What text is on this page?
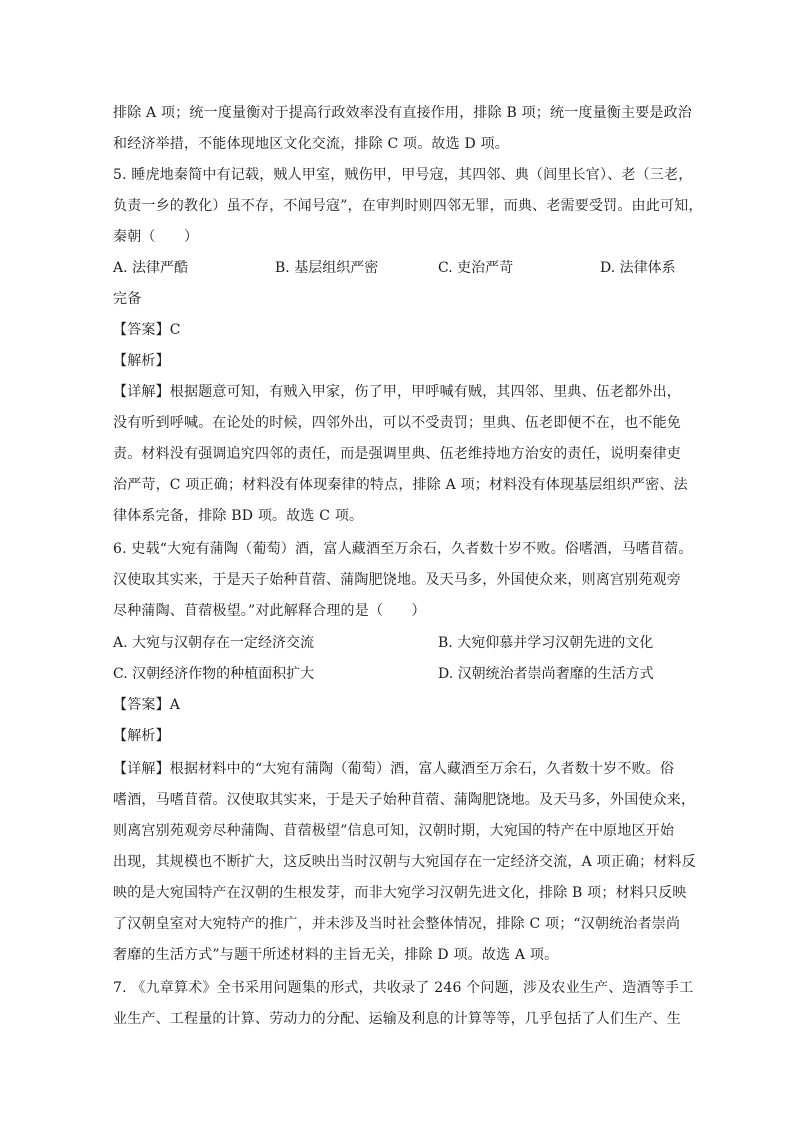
排除 A 项；统一度量衡对于提高行政效率没有直接作用，排除 B 项；统一度量衡主要是政治
和经济举措，不能体现地区文化交流，排除 C 项。故选 D 项。
5. 睡虎地秦简中有记载，贼人甲室，贼伤甲，甲号寇，其四邻、典（闾里长官）、老（三老，
负责一乡的教化）虽不存，不闻号寇”，在审判时则四邻无罪，而典、老需要受罚。由此可知，
秦朝（　　）
A. 法律严酷	B. 基层组织严密	C. 吏治严苛	D. 法律体系
完备
【答案】C
【解析】
【详解】根据题意可知，有贼入甲家，伤了甲，甲呼喊有贼，其四邻、里典、伍老都外出，
没有听到呼喊。在论处的时候，四邻外出，可以不受责罚；里典、伍老即便不在，也不能免
责。材料没有强调追究四邻的责任，而是强调里典、伍老维持地方治安的责任，说明秦律吏
治严苛，C 项正确；材料没有体现秦律的特点，排除 A 项；材料没有体现基层组织严密、法
律体系完备，排除 BD 项。故选 C 项。
6. 史载“大宛有蒲陶（葡萄）酒，富人藏酒至万余石，久者数十岁不败。俗嗜酒，马嗜苜蓿。
汉使取其实来，于是天子始种苜蓿、蒲陶肥饶地。及天马多，外国使众来，则离宫别苑观旁
尽种蒲陶、苜蓿极望。”对此解释合理的是（　　）
A. 大宛与汉朝存在一定经济交流	B. 大宛仰慕并学习汉朝先进的文化
C. 汉朝经济作物的种植面积扩大	D. 汉朝统治者崇尚奢靡的生活方式
【答案】A
【解析】
【详解】根据材料中的“大宛有蒲陶（葡萄）酒，富人藏酒至万余石，久者数十岁不败。俗
嗜酒，马嗜苜蓿。汉使取其实来，于是天子始种苜蓿、蒲陶肥饶地。及天马多，外国使众来，
则离宫别苑观旁尽种蒲陶、苜蓿极望”信息可知，汉朝时期，大宛国的特产在中原地区开始
出现，其规模也不断扩大，这反映出当时汉朝与大宛国存在一定经济交流，A 项正确；材料反
映的是大宛国特产在汉朝的生根发芽，而非大宛学习汉朝先进文化，排除 B 项；材料只反映
了汉朝皇室对大宛特产的推广，并未涉及当时社会整体情况，排除 C 项；“汉朝统治者崇尚
奢靡的生活方式”与题干所述材料的主旨无关，排除 D 项。故选 A 项。
7. 《九章算术》全书采用问题集的形式，共收录了 246 个问题，涉及农业生产、造酒等手工
业生产、工程量的计算、劳动力的分配、运输及利息的计算等等，几乎包括了人们生产、生
